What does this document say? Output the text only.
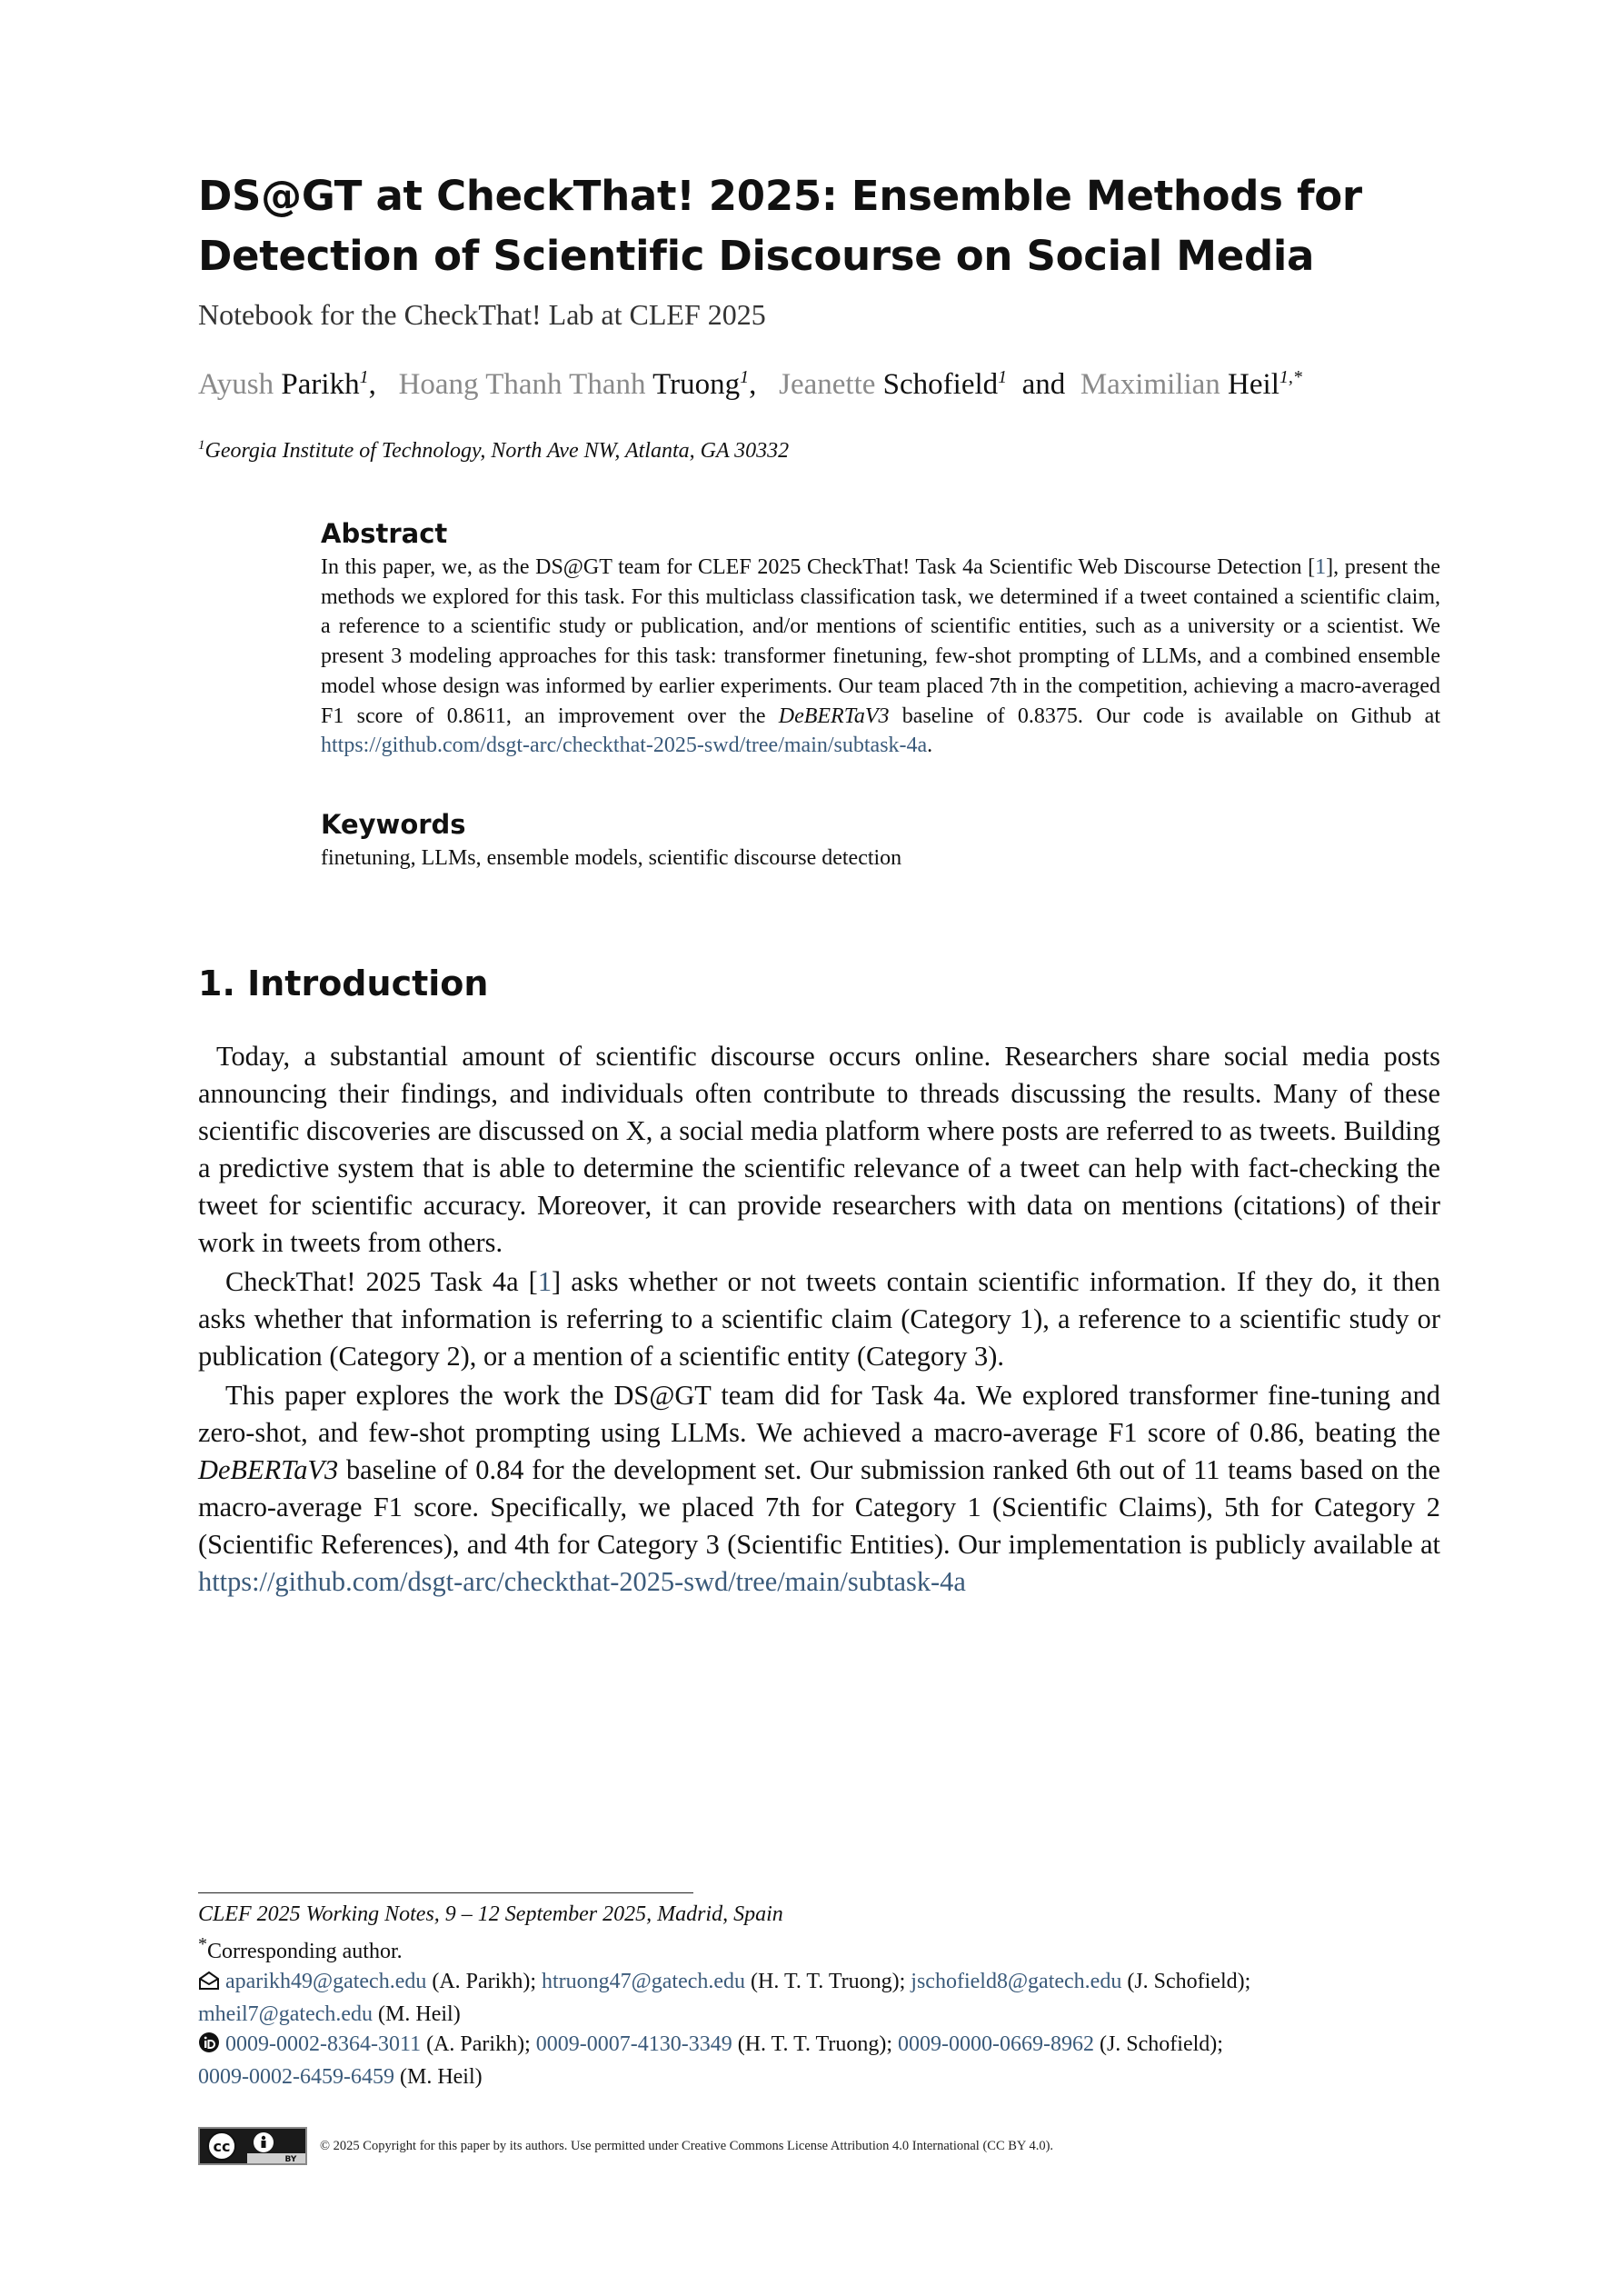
DS@GT at CheckThat! 2025: Ensemble Methods for
Detection of Scientific Discourse on Social Media
Notebook for the CheckThat! Lab at CLEF 2025
Ayush Parikh$^1$,   Hoang Thanh Thanh Truong$^1$,   Jeanette Schofield$^1$ and Maximilian Heil$^{1,*}$
$^1$Georgia Institute of Technology, North Ave NW, Atlanta, GA 30332
Abstract

In this paper, we, as the DS@GT team for CLEF 2025 CheckThat! Task 4a Scientific Web Discourse Detection [1], present the methods we explored for this task. For this multiclass classification task, we determined if a tweet contained a scientific claim, a reference to a scientific study or publication, and/or mentions of scientific entities, such as a university or a scientist. We present 3 modeling approaches for this task: transformer finetuning, few-shot prompting of LLMs, and a combined ensemble model whose design was informed by earlier experiments. Our team placed 7th in the competition, achieving a macro-averaged F1 score of 0.8611, an improvement over the DeBERTaV3 baseline of 0.8375. Our code is available on Github at https://github.com/dsgt-arc/checkthat-2025-swd/tree/main/subtask-4a.

Keywords

finetuning, LLMs, ensemble models, scientific discourse detection

1. Introduction

Today, a substantial amount of scientific discourse occurs online. Researchers share social media posts announcing their findings, and individuals often contribute to threads discussing the results. Many of these scientific discoveries are discussed on X, a social media platform where posts are referred to as tweets. Building a predictive system that is able to determine the scientific relevance of a tweet can help with fact-checking the tweet for scientific accuracy. Moreover, it can provide researchers with data on mentions (citations) of their work in tweets from others.

CheckThat! 2025 Task 4a [1] asks whether or not tweets contain scientific information. If they do, it then asks whether that information is referring to a scientific claim (Category 1), a reference to a scientific study or publication (Category 2), or a mention of a scientific entity (Category 3).

This paper explores the work the DS@GT team did for Task 4a. We explored transformer fine-tuning and zero-shot, and few-shot prompting using LLMs. We achieved a macro-average F1 score of 0.86, beating the DeBERTaV3 baseline of 0.84 for the development set. Our submission ranked 6th out of 11 teams based on the macro-average F1 score. Specifically, we placed 7th for Category 1 (Scientific Claims), 5th for Category 2 (Scientific References), and 4th for Category 3 (Scientific Entities). Our implementation is publicly available at https://github.com/dsgt-arc/checkthat-2025-swd/tree/main/subtask-4a

CLEF 2025 Working Notes, 9 – 12 September 2025, Madrid, Spain

*Corresponding author.

aparikh49@gatech.edu (A. Parikh); htruong47@gatech.edu (H. T. T. Truong); jschofield8@gatech.edu (J. Schofield);

mheil7@gatech.edu (M. Heil)

0009-0002-8364-3011 (A. Parikh); 0009-0007-4130-3349 (H. T. T. Truong); 0009-0000-0669-8962 (J. Schofield);

0009-0002-6459-6459 (M. Heil)

cc
BY
© 2025 Copyright for this paper by its authors. Use permitted under Creative Commons License Attribution 4.0 International (CC BY 4.0).
